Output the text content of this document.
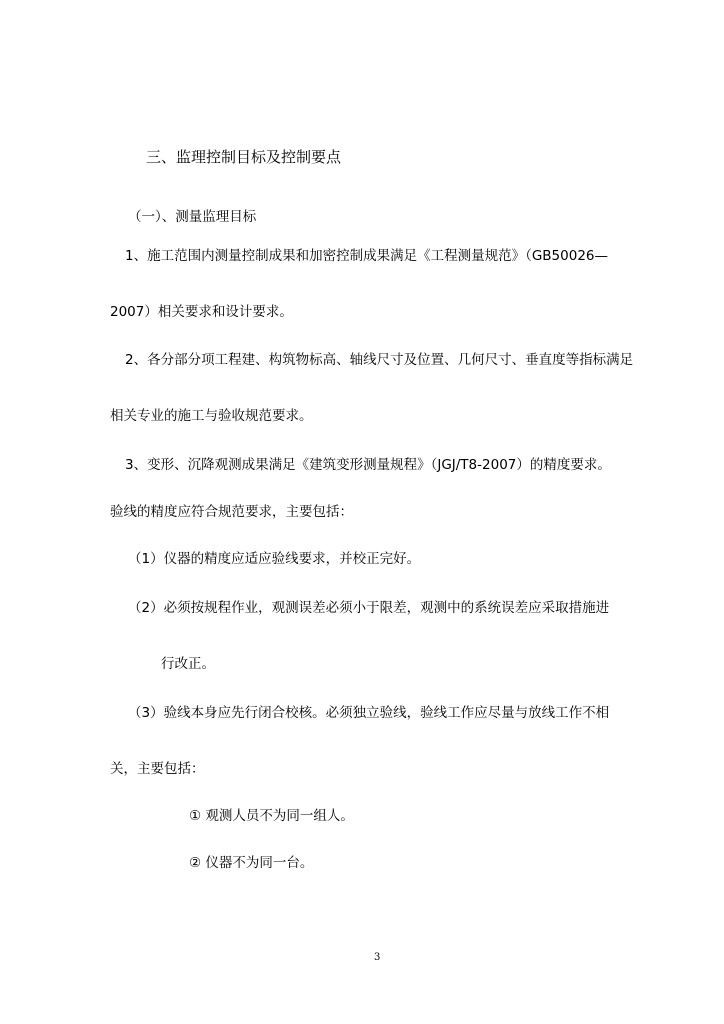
三、监理控制目标及控制要点
（一）、测量监理目标
1、施工范围内测量控制成果和加密控制成果满足《工程测量规范》（GB50026—
2007）相关要求和设计要求。
2、各分部分项工程建、构筑物标高、轴线尺寸及位置、几何尺寸、垂直度等指标满足
相关专业的施工与验收规范要求。
3、变形、沉降观测成果满足《建筑变形测量规程》（JGJ/T8-2007）的精度要求。
验线的精度应符合规范要求，主要包括：
（1）仪器的精度应适应验线要求，并校正完好。
（2）必须按规程作业，观测误差必须小于限差，观测中的系统误差应采取措施进
行改正。
（3）验线本身应先行闭合校核。必须独立验线，验线工作应尽量与放线工作不相
关，主要包括：
① 观测人员不为同一组人。
② 仪器不为同一台。
3
